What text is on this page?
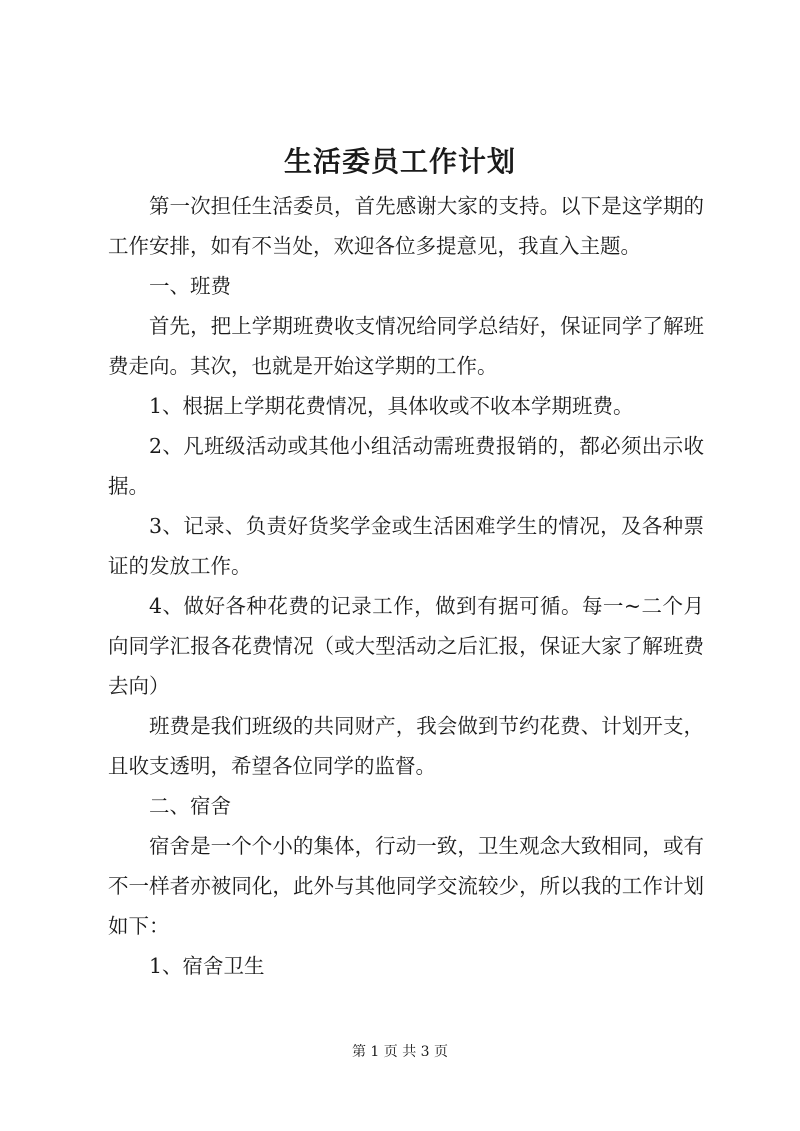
生活委员工作计划

第一次担任生活委员，首先感谢大家的支持。以下是这学期的工作安排，如有不当处，欢迎各位多提意见，我直入主题。

一、班费

首先，把上学期班费收支情况给同学总结好，保证同学了解班费走向。其次，也就是开始这学期的工作。

1、根据上学期花费情况，具体收或不收本学期班费。

2、凡班级活动或其他小组活动需班费报销的，都必须出示收据。

3、记录、负责好货奖学金或生活困难学生的情况，及各种票证的发放工作。

4、做好各种花费的记录工作，做到有据可循。每一~二个月向同学汇报各花费情况（或大型活动之后汇报，保证大家了解班费去向）

班费是我们班级的共同财产，我会做到节约花费、计划开支，且收支透明，希望各位同学的监督。

二、宿舍

宿舍是一个个小的集体，行动一致，卫生观念大致相同，或有不一样者亦被同化，此外与其他同学交流较少，所以我的工作计划如下：

1、宿舍卫生

第 1 页 共 3 页
